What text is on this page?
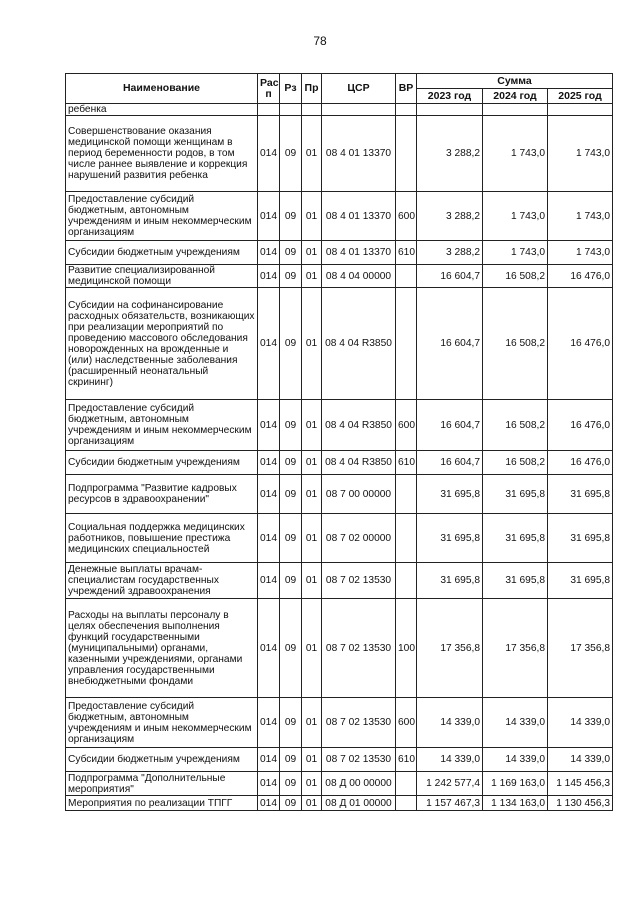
78
Наименование	Рас п	Рз	Пр	ЦСР	ВР	Сумма		
						2023 год	2024 год	2025 год
ребенка								
Совершенствование оказания медицинской помощи женщинам в период беременности родов, в том числе раннее выявление и коррекция нарушений развития ребенка	014	09	01	08 4 01 13370		3 288,2	1 743,0	1 743,0
Предоставление субсидий бюджетным, автономным учреждениям и иным некоммерческим организациям	014	09	01	08 4 01 13370	600	3 288,2	1 743,0	1 743,0
Субсидии бюджетным учреждениям	014	09	01	08 4 01 13370	610	3 288,2	1 743,0	1 743,0
Развитие специализированной медицинской помощи	014	09	01	08 4 04 00000		16 604,7	16 508,2	16 476,0
Субсидии на софинансирование расходных обязательств, возникающих при реализации мероприятий по проведению массового обследования новорожденных на врожденные и (или) наследственные заболевания (расширенный неонатальный скрининг)	014	09	01	08 4 04 R3850		16 604,7	16 508,2	16 476,0
Предоставление субсидий бюджетным, автономным учреждениям и иным некоммерческим организациям	014	09	01	08 4 04 R3850	600	16 604,7	16 508,2	16 476,0
Субсидии бюджетным учреждениям	014	09	01	08 4 04 R3850	610	16 604,7	16 508,2	16 476,0
Подпрограмма "Развитие кадровых ресурсов в здравоохранении"	014	09	01	08 7 00 00000		31 695,8	31 695,8	31 695,8
Социальная поддержка медицинских работников, повышение престижа медицинских специальностей	014	09	01	08 7 02 00000		31 695,8	31 695,8	31 695,8
Денежные выплаты врачам-специалистам государственных учреждений здравоохранения	014	09	01	08 7 02 13530		31 695,8	31 695,8	31 695,8
Расходы на выплаты персоналу в целях обеспечения выполнения функций государственными (муниципальными) органами, казенными учреждениями, органами управления государственными внебюджетными фондами	014	09	01	08 7 02 13530	100	17 356,8	17 356,8	17 356,8
Предоставление субсидий бюджетным, автономным учреждениям и иным некоммерческим организациям	014	09	01	08 7 02 13530	600	14 339,0	14 339,0	14 339,0
Субсидии бюджетным учреждениям	014	09	01	08 7 02 13530	610	14 339,0	14 339,0	14 339,0
Подпрограмма "Дополнительные мероприятия"	014	09	01	08 Д 00 00000		1 242 577,4	1 169 163,0	1 145 456,3
Мероприятия по реализации ТПГГ	014	09	01	08 Д 01 00000		1 157 467,3	1 134 163,0	1 130 456,3
